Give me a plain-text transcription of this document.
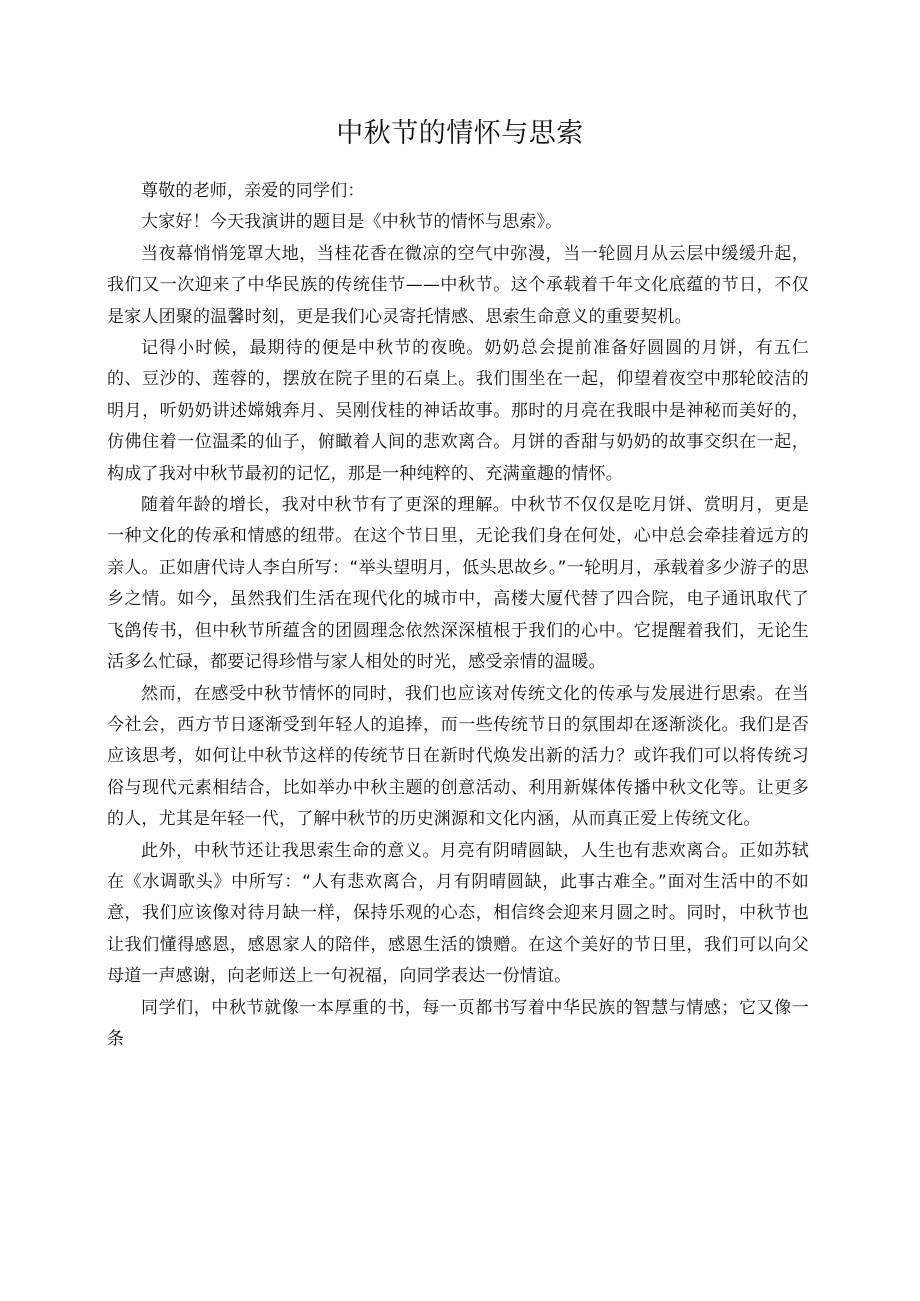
中秋节的情怀与思索

尊敬的老师，亲爱的同学们：

大家好！今天我演讲的题目是《中秋节的情怀与思索》。

当夜幕悄悄笼罩大地，当桂花香在微凉的空气中弥漫，当一轮圆月从云层中缓缓升起，我们又一次迎来了中华民族的传统佳节——中秋节。这个承载着千年文化底蕴的节日，不仅是家人团聚的温馨时刻，更是我们心灵寄托情感、思索生命意义的重要契机。

记得小时候，最期待的便是中秋节的夜晚。奶奶总会提前准备好圆圆的月饼，有五仁的、豆沙的、莲蓉的，摆放在院子里的石桌上。我们围坐在一起，仰望着夜空中那轮皎洁的明月，听奶奶讲述嫦娥奔月、吴刚伐桂的神话故事。那时的月亮在我眼中是神秘而美好的，仿佛住着一位温柔的仙子，俯瞰着人间的悲欢离合。月饼的香甜与奶奶的故事交织在一起，构成了我对中秋节最初的记忆，那是一种纯粹的、充满童趣的情怀。

随着年龄的增长，我对中秋节有了更深的理解。中秋节不仅仅是吃月饼、赏明月，更是一种文化的传承和情感的纽带。在这个节日里，无论我们身在何处，心中总会牵挂着远方的亲人。正如唐代诗人李白所写：“举头望明月，低头思故乡。”一轮明月，承载着多少游子的思乡之情。如今，虽然我们生活在现代化的城市中，高楼大厦代替了四合院，电子通讯取代了飞鸽传书，但中秋节所蕴含的团圆理念依然深深植根于我们的心中。它提醒着我们，无论生活多么忙碌，都要记得珍惜与家人相处的时光，感受亲情的温暖。

然而，在感受中秋节情怀的同时，我们也应该对传统文化的传承与发展进行思索。在当今社会，西方节日逐渐受到年轻人的追捧，而一些传统节日的氛围却在逐渐淡化。我们是否应该思考，如何让中秋节这样的传统节日在新时代焕发出新的活力？或许我们可以将传统习俗与现代元素相结合，比如举办中秋主题的创意活动、利用新媒体传播中秋文化等。让更多的人，尤其是年轻一代，了解中秋节的历史渊源和文化内涵，从而真正爱上传统文化。

此外，中秋节还让我思索生命的意义。月亮有阴晴圆缺，人生也有悲欢离合。正如苏轼在《水调歌头》中所写：“人有悲欢离合，月有阴晴圆缺，此事古难全。”面对生活中的不如意，我们应该像对待月缺一样，保持乐观的心态，相信终会迎来月圆之时。同时，中秋节也让我们懂得感恩，感恩家人的陪伴，感恩生活的馈赠。在这个美好的节日里，我们可以向父母道一声感谢，向老师送上一句祝福，向同学表达一份情谊。

同学们，中秋节就像一本厚重的书，每一页都书写着中华民族的智慧与情感；它又像一条
